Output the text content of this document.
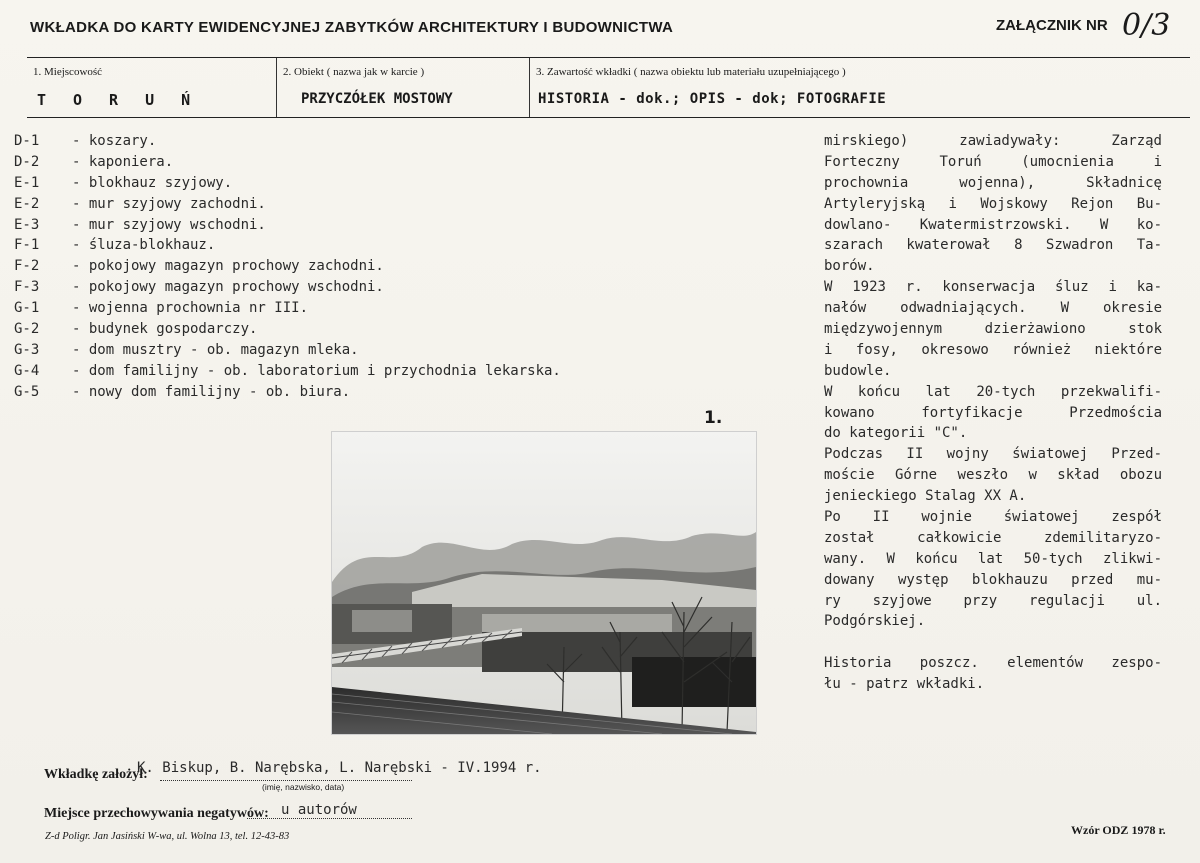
WKŁADKA DO KARTY EWIDENCYJNEJ ZABYTKÓW ARCHITEKTURY I BUDOWNICTWA	ZAŁĄCZNIK NR 0/3
1. Miejscowość
TORUŃ
2. Obiekt ( nazwa jak w karcie )
PRZYCZÓŁEK MOSTOWY
3. Zawartość wkładki ( nazwa obiektu lub materiału uzupełniającego )
HISTORIA - dok.; OPIS - dok; FOTOGRAFIE
D-1 - koszary.
D-2 - kaponiera.
E-1 - blokhauz szyjowy.
E-2 - mur szyjowy zachodni.
E-3 - mur szyjowy wschodni.
F-1 - śluza-blokhauz.
F-2 - pokojowy magazyn prochowy zachodni.
F-3 - pokojowy magazyn prochowy wschodni.
G-1 - wojenna prochownia nr III.
G-2 - budynek gospodarczy.
G-3 - dom musztry - ob. magazyn mleka.
G-4 - dom familijny - ob. laboratorium i przychodnia lekarska.
G-5 - nowy dom familijny - ob. biura.
mirskiego) zawiadywały: Zarząd
Forteczny Toruń (umocnienia i
prochownia wojenna), Składnicę
Artyleryjską i Wojskowy Rejon Bu-
dowlano- Kwatermistrzowski. W ko-
szarach kwaterował 8 Szwadron Ta-
borów.
W 1923 r. konserwacja śluz i ka-
nałów odwadniających. W okresie
międzywojennym dzierżawiono stok
i fosy, okresowo również niektóre
budowle.
W końcu lat 20-tych przekwalifi-
kowano fortyfikacje Przedmościa
do kategorii "C".
Podczas II wojny światowej Przed-
moście Górne weszło w skład obozu
jenieckiego Stalag XX A.
Po II wojnie światowej zespół
został całkowicie zdemilitaryzo-
wany. W końcu lat 50-tych zlikwi-
dowany występ blokhauzu przed mu-
ry szyjowe przy regulacji ul.
Podgórskiej.
Historia poszcz. elementów zespo-
łu - patrz wkładki.
1.
Wkładkę założył:
K. Biskup, B. Narębska, L. Narębski - IV.1994 r.
(imię, nazwisko, data)
Miejsce przechowywania negatywów: u autorów
Z-d Poligr. Jan Jasiński W-wa, ul. Wolna 13, tel. 12-43-83	Wzór ODZ 1978 r.
